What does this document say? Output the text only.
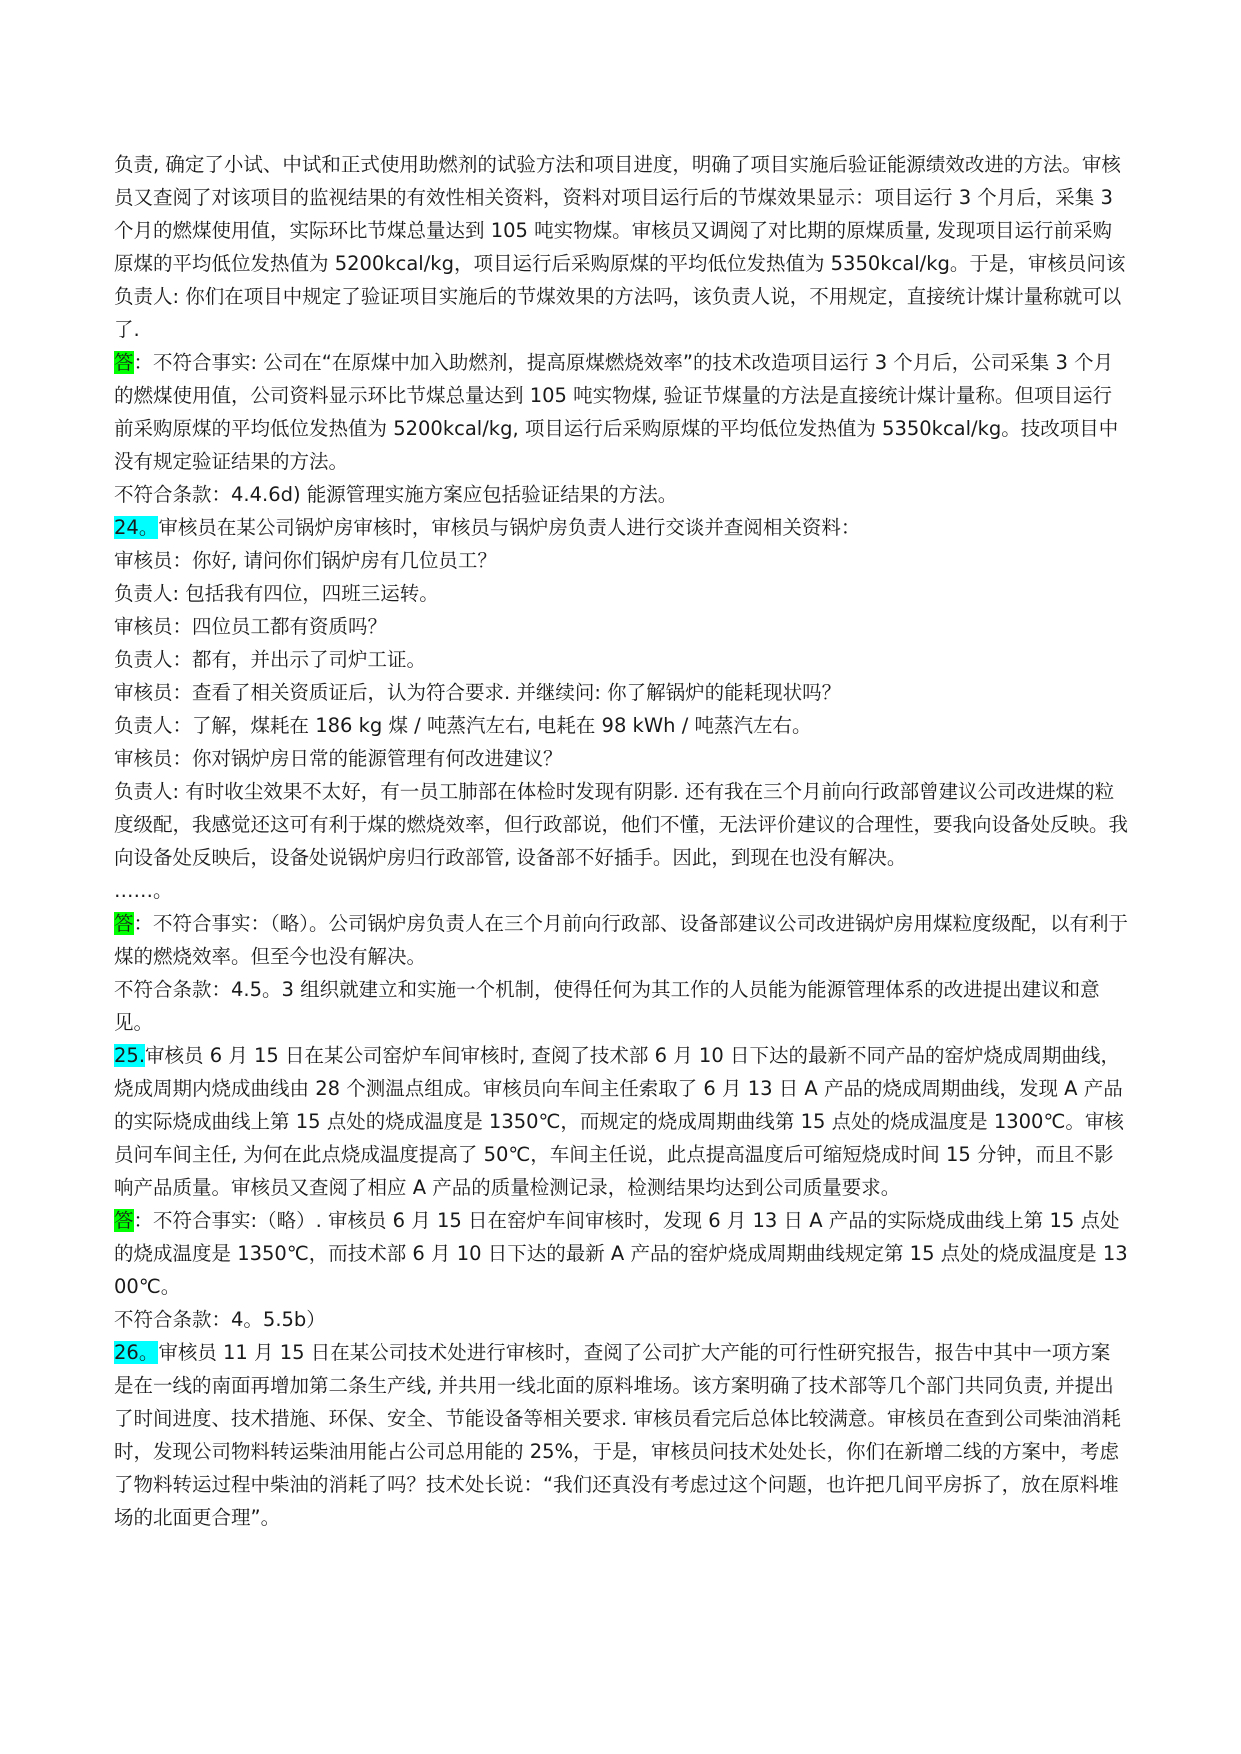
负责, 确定了小试、中试和正式使用助燃剂的试验方法和项目进度，明确了项目实施后验证能源绩效改进的方法。审核员又查阅了对该项目的监视结果的有效性相关资料，资料对项目运行后的节煤效果显示：项目运行 3 个月后，采集 3 个月的燃煤使用值，实际环比节煤总量达到 105 吨实物煤。审核员又调阅了对比期的原煤质量, 发现项目运行前采购原煤的平均低位发热值为 5200kcal/kg，项目运行后采购原煤的平均低位发热值为 5350kcal/kg。于是，审核员问该负责人: 你们在项目中规定了验证项目实施后的节煤效果的方法吗，该负责人说，不用规定，直接统计煤计量称就可以了.

答：不符合事实: 公司在“在原煤中加入助燃剂，提高原煤燃烧效率”的技术改造项目运行 3 个月后，公司采集 3 个月的燃煤使用值，公司资料显示环比节煤总量达到 105 吨实物煤, 验证节煤量的方法是直接统计煤计量称。但项目运行前采购原煤的平均低位发热值为 5200kcal/kg, 项目运行后采购原煤的平均低位发热值为 5350kcal/kg。技改项目中没有规定验证结果的方法。

不符合条款：4.4.6d) 能源管理实施方案应包括验证结果的方法。

24。审核员在某公司锅炉房审核时，审核员与锅炉房负责人进行交谈并查阅相关资料：

审核员：你好, 请问你们锅炉房有几位员工？

负责人: 包括我有四位，四班三运转。

审核员：四位员工都有资质吗？

负责人：都有，并出示了司炉工证。

审核员：查看了相关资质证后，认为符合要求. 并继续问: 你了解锅炉的能耗现状吗？

负责人：了解，煤耗在 186 kg 煤 / 吨蒸汽左右, 电耗在 98 kWh / 吨蒸汽左右。

审核员：你对锅炉房日常的能源管理有何改进建议？

负责人: 有时收尘效果不太好，有一员工肺部在体检时发现有阴影. 还有我在三个月前向行政部曾建议公司改进煤的粒度级配，我感觉还这可有利于煤的燃烧效率，但行政部说，他们不懂，无法评价建议的合理性，要我向设备处反映。我向设备处反映后，设备处说锅炉房归行政部管, 设备部不好插手。因此，到现在也没有解决。

……。

答：不符合事实：（略）。公司锅炉房负责人在三个月前向行政部、设备部建议公司改进锅炉房用煤粒度级配，以有利于煤的燃烧效率。但至今也没有解决。

不符合条款：4.5。3 组织就建立和实施一个机制，使得任何为其工作的人员能为能源管理体系的改进提出建议和意见。

25.审核员 6 月 15 日在某公司窑炉车间审核时, 查阅了技术部 6 月 10 日下达的最新不同产品的窑炉烧成周期曲线，烧成周期内烧成曲线由 28 个测温点组成。审核员向车间主任索取了 6 月 13 日 A 产品的烧成周期曲线，发现 A 产品的实际烧成曲线上第 15 点处的烧成温度是 1350℃，而规定的烧成周期曲线第 15 点处的烧成温度是 1300℃。审核员问车间主任, 为何在此点烧成温度提高了 50℃，车间主任说，此点提高温度后可缩短烧成时间 15 分钟，而且不影响产品质量。审核员又查阅了相应 A 产品的质量检测记录，检测结果均达到公司质量要求。

答：不符合事实:（略）. 审核员 6 月 15 日在窑炉车间审核时，发现 6 月 13 日 A 产品的实际烧成曲线上第 15 点处的烧成温度是 1350℃，而技术部 6 月 10 日下达的最新 A 产品的窑炉烧成周期曲线规定第 15 点处的烧成温度是 1300℃。

不符合条款：4。5.5b）

26。审核员 11 月 15 日在某公司技术处进行审核时，查阅了公司扩大产能的可行性研究报告，报告中其中一项方案是在一线的南面再增加第二条生产线, 并共用一线北面的原料堆场。该方案明确了技术部等几个部门共同负责, 并提出了时间进度、技术措施、环保、安全、节能设备等相关要求. 审核员看完后总体比较满意。审核员在查到公司柴油消耗时，发现公司物料转运柴油用能占公司总用能的 25%，于是，审核员问技术处处长，你们在新增二线的方案中，考虑了物料转运过程中柴油的消耗了吗？技术处长说：“我们还真没有考虑过这个问题，也许把几间平房拆了，放在原料堆场的北面更合理”。
